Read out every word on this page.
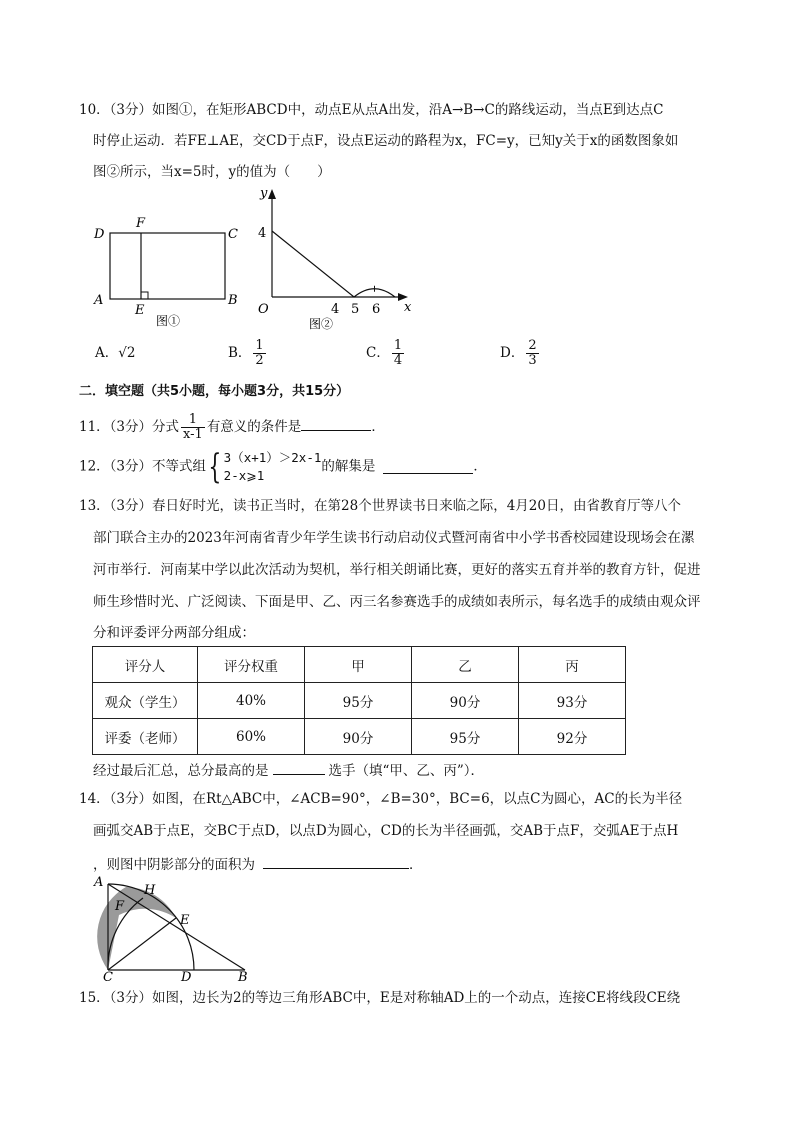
10．（3分）如图①，在矩形ABCD中，动点E从点A出发，沿A→B→C的路线运动，当点E到达点C
时停止运动．若FE⊥AE，交CD于点F，设点E运动的路程为x，FC=y，已知y关于x的函数图象如
图②所示，当x=5时，y的值为（　　）
D
F
C
A
E
B
图①
y
x
O
4
4 5 6
图②
A．√2	B． $\frac{1}{2}$	C． $\frac{1}{4}$	D． $\frac{2}{3}$
二．填空题（共5小题，每小题3分，共15分）
11．（3分）分式 $\frac{1}{x-1}$ 有意义的条件是	．
12．（3分）不等式组{ 3（x+1）＞2x-1
2-x⩾1
的解集是	．
13．（3分）春日好时光，读书正当时，在第28个世界读书日来临之际，4月20日，由省教育厅等八个
部门联合主办的2023年河南省青少年学生读书行动启动仪式暨河南省中小学书香校园建设现场会在漯
河市举行．河南某中学以此次活动为契机，举行相关朗诵比赛，更好的落实五育并举的教育方针，促进
师生珍惜时光、广泛阅读、下面是甲、乙、丙三名参赛选手的成绩如表所示，每名选手的成绩由观众评
分和评委评分两部分组成：
评分人	评分权重	甲	乙	丙
观众（学生）	40%	95分	90分	93分
评委（老师）	60%	90分	95分	92分
经过最后汇总，总分最高的是	选手（填“甲、乙、丙”）．
14．（3分）如图，在Rt△ABC中，∠ACB=90°，∠B=30°，BC=6，以点C为圆心，AC的长为半径
画弧交AB于点E，交BC于点D，以点D为圆心，CD的长为半径画弧，交AB于点F，交弧AE于点H
，则图中阴影部分的面积为	．
A
H
F
E
C	D	B
15．（3分）如图，边长为2的等边三角形ABC中，E是对称轴AD上的一个动点，连接CE将线段CE绕
